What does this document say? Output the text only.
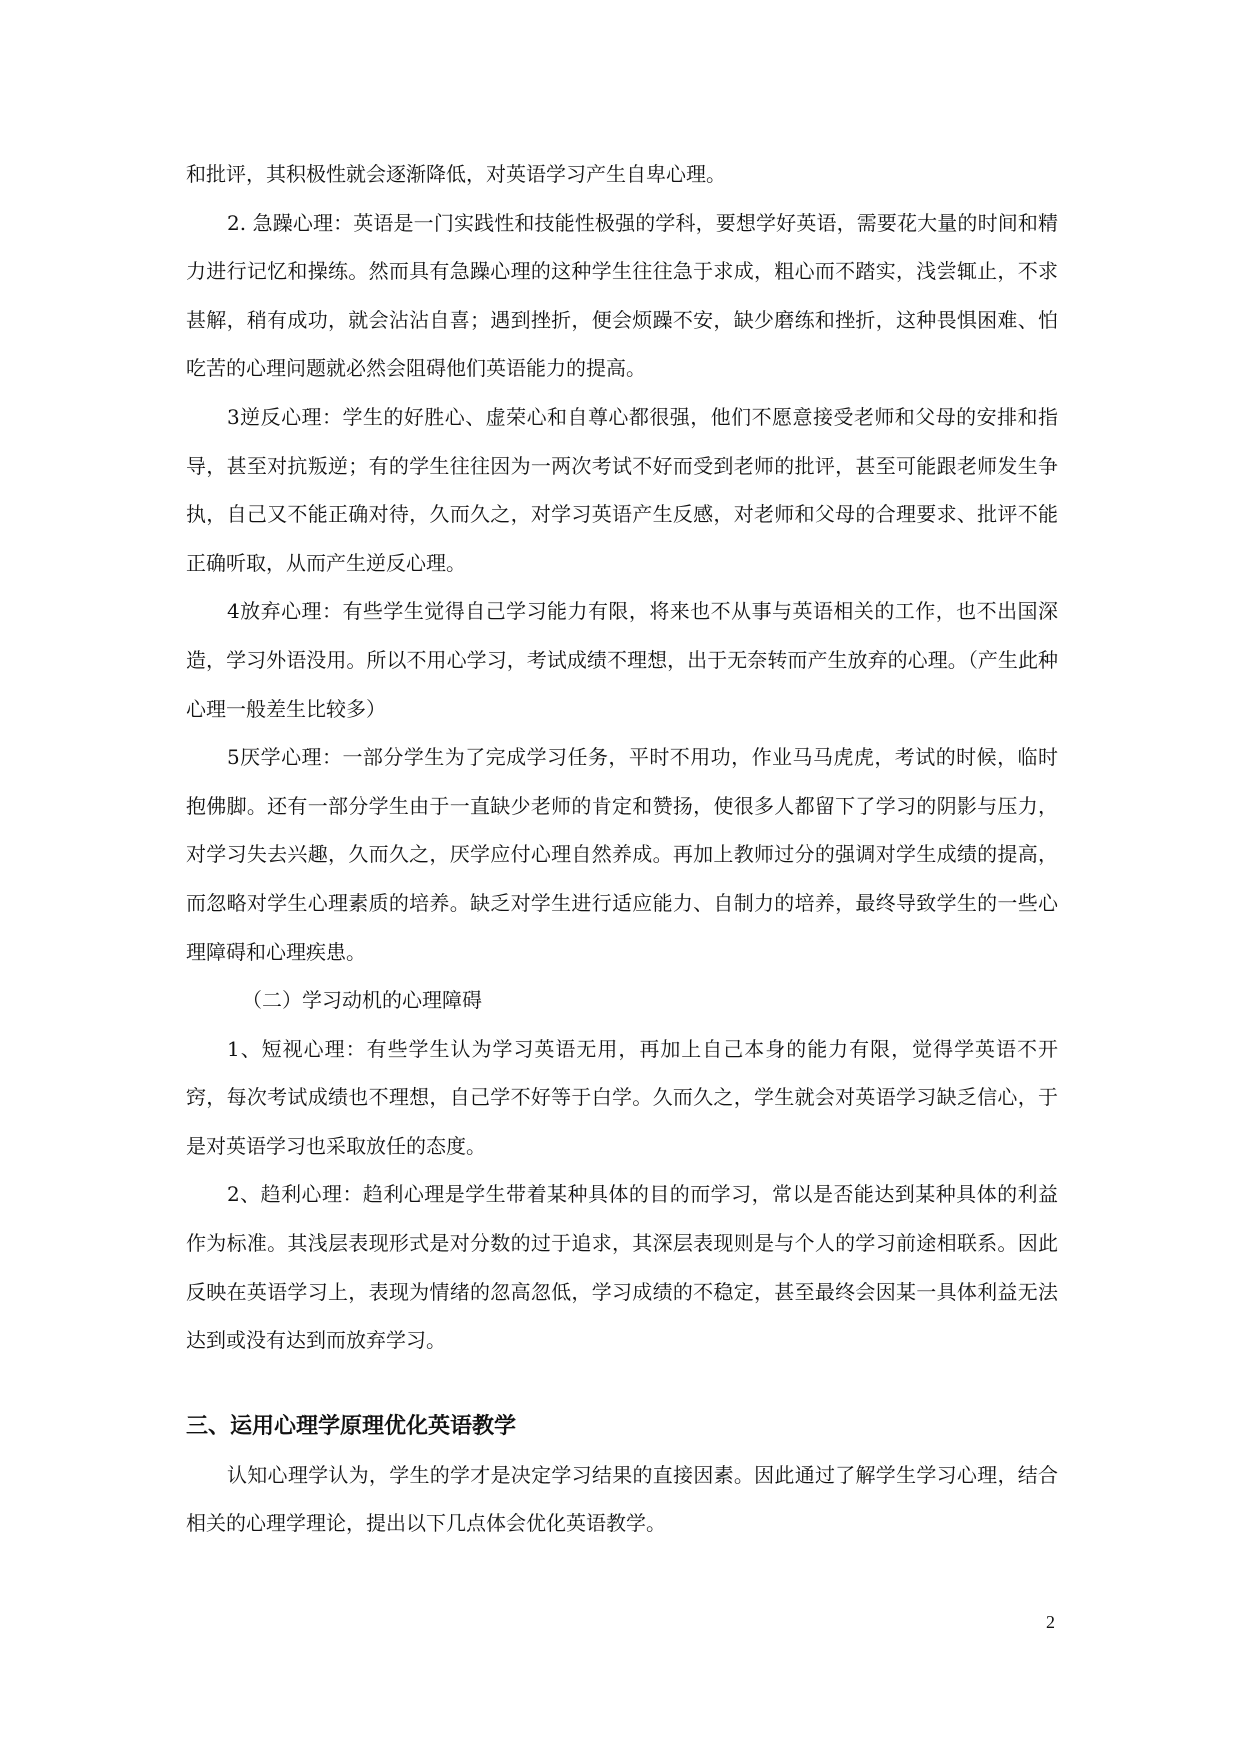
和批评，其积极性就会逐渐降低，对英语学习产生自卑心理。

2. 急躁心理：英语是一门实践性和技能性极强的学科，要想学好英语，需要花大量的时间和精力进行记忆和操练。然而具有急躁心理的这种学生往往急于求成，粗心而不踏实，浅尝辄止，不求甚解，稍有成功，就会沾沾自喜；遇到挫折，便会烦躁不安，缺少磨练和挫折，这种畏惧困难、怕吃苦的心理问题就必然会阻碍他们英语能力的提高。

3逆反心理：学生的好胜心、虚荣心和自尊心都很强，他们不愿意接受老师和父母的安排和指导，甚至对抗叛逆；有的学生往往因为一两次考试不好而受到老师的批评，甚至可能跟老师发生争执，自己又不能正确对待，久而久之，对学习英语产生反感，对老师和父母的合理要求、批评不能正确听取，从而产生逆反心理。

4放弃心理：有些学生觉得自己学习能力有限，将来也不从事与英语相关的工作，也不出国深造，学习外语没用。所以不用心学习，考试成绩不理想，出于无奈转而产生放弃的心理。（产生此种心理一般差生比较多）

5厌学心理：一部分学生为了完成学习任务，平时不用功，作业马马虎虎，考试的时候，临时抱佛脚。还有一部分学生由于一直缺少老师的肯定和赞扬，使很多人都留下了学习的阴影与压力，对学习失去兴趣，久而久之，厌学应付心理自然养成。再加上教师过分的强调对学生成绩的提高，而忽略对学生心理素质的培养。缺乏对学生进行适应能力、自制力的培养，最终导致学生的一些心理障碍和心理疾患。

（二）学习动机的心理障碍

1、短视心理：有些学生认为学习英语无用，再加上自己本身的能力有限，觉得学英语不开窍，每次考试成绩也不理想，自己学不好等于白学。久而久之，学生就会对英语学习缺乏信心，于是对英语学习也采取放任的态度。

2、趋利心理：趋利心理是学生带着某种具体的目的而学习，常以是否能达到某种具体的利益作为标准。其浅层表现形式是对分数的过于追求，其深层表现则是与个人的学习前途相联系。因此反映在英语学习上，表现为情绪的忽高忽低，学习成绩的不稳定，甚至最终会因某一具体利益无法达到或没有达到而放弃学习。

三、运用心理学原理优化英语教学

认知心理学认为，学生的学才是决定学习结果的直接因素。因此通过了解学生学习心理，结合相关的心理学理论，提出以下几点体会优化英语教学。

2
